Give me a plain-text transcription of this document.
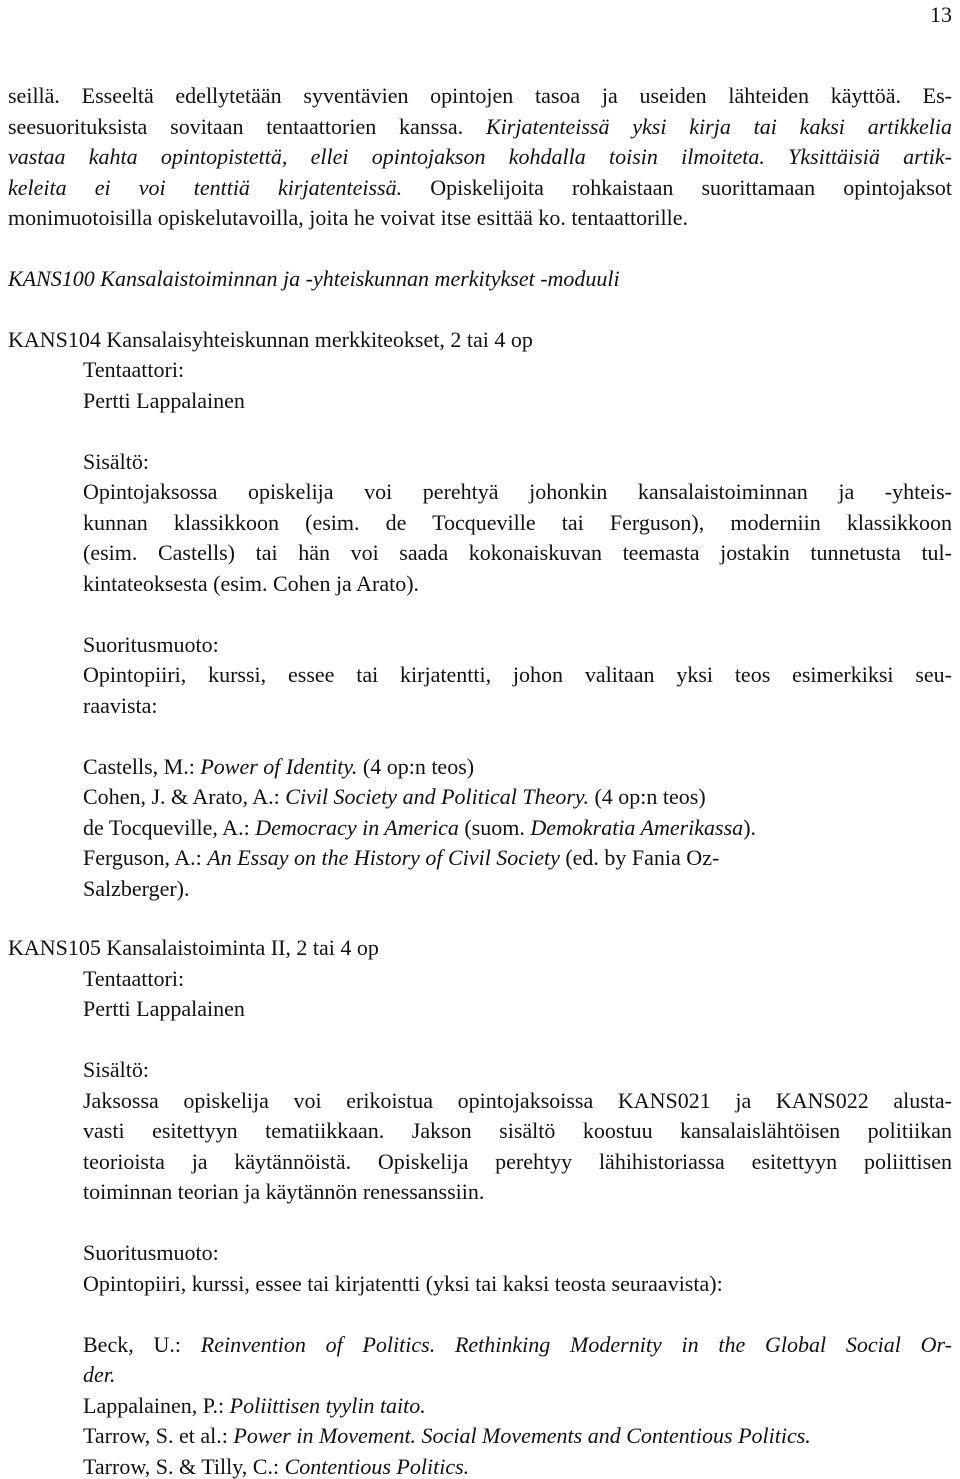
13
seillä. Esseeltä edellytetään syventävien opintojen tasoa ja useiden lähteiden käyttöä. Es-
seesuorituksista sovitaan tentaattorien kanssa. Kirjatenteissä yksi kirja tai kaksi artikkelia
vastaa kahta opintopistettä, ellei opintojakson kohdalla toisin ilmoiteta. Yksittäisiä artik-
keleita ei voi tenttiä kirjatenteissä. Opiskelijoita rohkaistaan suorittamaan opintojaksot
monimuotoisilla opiskelutavoilla, joita he voivat itse esittää ko. tentaattorille.
KANS100 Kansalaistoiminnan ja -yhteiskunnan merkitykset -moduuli
KANS104 Kansalaisyhteiskunnan merkkiteokset, 2 tai 4 op
Tentaattori:
Pertti Lappalainen
Sisältö:
Opintojaksossa opiskelija voi perehtyä johonkin kansalaistoiminnan ja -yhteis-
kunnan klassikkoon (esim. de Tocqueville tai Ferguson), moderniin klassikkoon
(esim. Castells) tai hän voi saada kokonaiskuvan teemasta jostakin tunnetusta tul-
kintateoksesta (esim. Cohen ja Arato).
Suoritusmuoto:
Opintopiiri, kurssi, essee tai kirjatentti, johon valitaan yksi teos esimerkiksi seu-
raavista:
Castells, M.: Power of Identity. (4 op:n teos)
Cohen, J. & Arato, A.: Civil Society and Political Theory. (4 op:n teos)
de Tocqueville, A.: Democracy in America (suom. Demokratia Amerikassa).
Ferguson, A.: An Essay on the History of Civil Society (ed. by Fania Oz-
Salzberger).
KANS105 Kansalaistoiminta II, 2 tai 4 op
Tentaattori:
Pertti Lappalainen
Sisältö:
Jaksossa opiskelija voi erikoistua opintojaksoissa KANS021 ja KANS022 alusta-
vasti esitettyyn tematiikkaan. Jakson sisältö koostuu kansalaislähtöisen politiikan
teorioista ja käytännöistä. Opiskelija perehtyy lähihistoriassa esitettyyn poliittisen
toiminnan teorian ja käytännön renessanssiin.
Suoritusmuoto:
Opintopiiri, kurssi, essee tai kirjatentti (yksi tai kaksi teosta seuraavista):
Beck, U.: Reinvention of Politics. Rethinking Modernity in the Global Social Or-
der.
Lappalainen, P.: Poliittisen tyylin taito.
Tarrow, S. et al.: Power in Movement. Social Movements and Contentious Politics.
Tarrow, S. & Tilly, C.: Contentious Politics.
